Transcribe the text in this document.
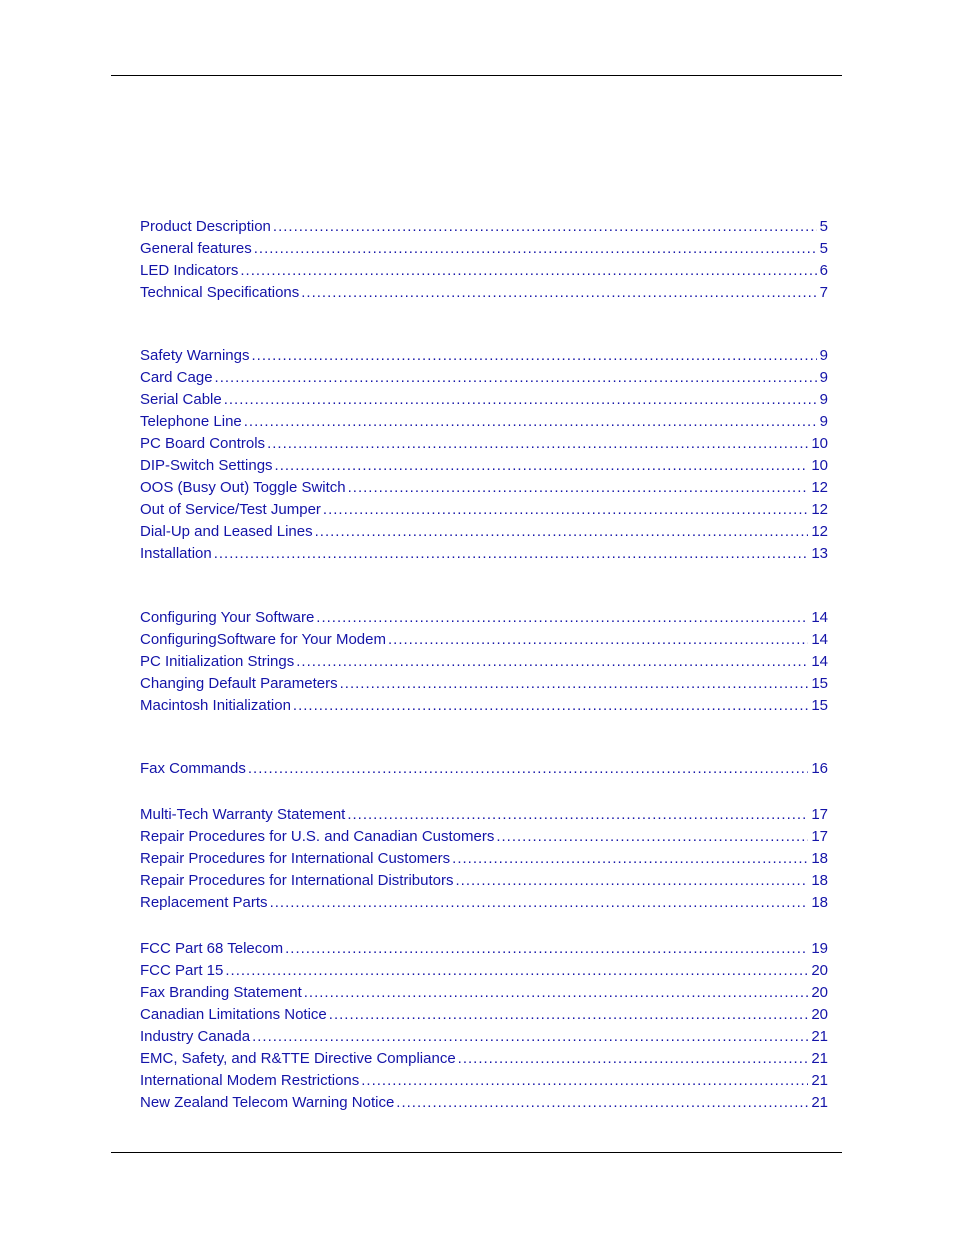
Product Description .....	5
General features .....	5
LED Indicators .....	6
Technical Specifications .....	7
Safety Warnings .....	9
Card Cage .....	9
Serial Cable .....	9
Telephone Line .....	9
PC Board Controls .....	10
DIP-Switch Settings .....	10
OOS (Busy Out) Toggle Switch .....	12
Out of Service/Test Jumper .....	12
Dial-Up and Leased Lines .....	12
Installation .....	13
Configuring Your Software .....	14
ConfiguringSoftware for Your Modem .....	14
PC Initialization Strings .....	14
Changing Default Parameters .....	15
Macintosh Initialization .....	15
Fax Commands .....	16
Multi-Tech Warranty Statement .....	17
Repair Procedures for U.S. and Canadian Customers .....	17
Repair Procedures for International Customers .....	18
Repair Procedures for International Distributors .....	18
Replacement Parts .....	18
FCC Part 68 Telecom .....	19
FCC Part 15 .....	20
Fax Branding Statement .....	20
Canadian Limitations Notice .....	20
Industry Canada .....	21
EMC, Safety, and R&TTE Directive Compliance .....	21
International Modem Restrictions .....	21
New Zealand Telecom Warning Notice .....	21
